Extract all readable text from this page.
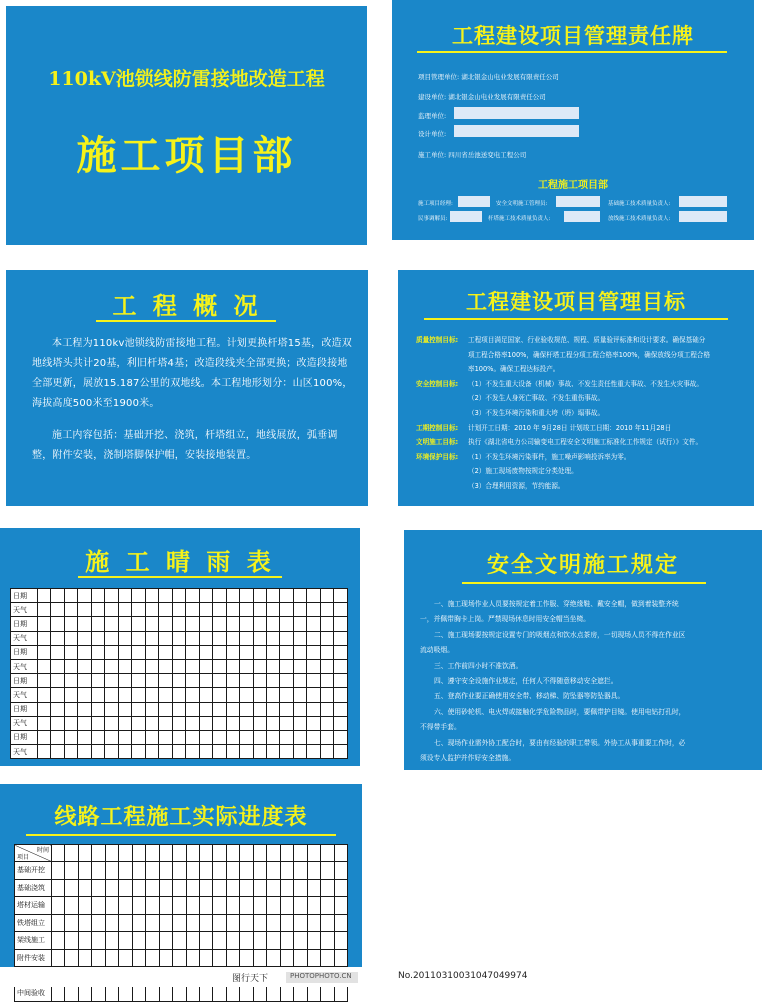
110kV池锁线防雷接地改造工程
施工项目部
工程建设项目管理责任牌
项目管理单位: 湖北银金山电业发展有限责任公司
建设单位: 湖北银金山电业发展有限责任公司
监理单位:
设计单位:
施工单位: 四川省岳池送变电工程公司
工程施工项目部
施工项目经理:	安全文明施工管理员:	基础施工技术质量负责人:
民事调解员:	杆塔施工技术质量负责人:	放线施工技术质量负责人:
工 程 概 况
本工程为110kv池锁线防雷接地工程。计划更换杆塔15基，改造双地线塔头共计20基，利旧杆塔4基；改造段线夹全部更换；改造段接地全部更新，展放15.187公里的双地线。本工程地形划分：山区100%，海拔高度500米至1900米。
施工内容包括：基础开挖、浇筑，杆塔组立，地线展放，弧垂调整，附件安装，浇制塔脚保护帽，安装接地装置。
工程建设项目管理目标
质量控制目标: 工程项目满足国家、行业验收规范、规程、质量验评标准和设计要求。确保基础分
项工程合格率100%，确保杆塔工程分项工程合格率100%，确保放线分项工程合格
率100%。确保工程达标投产。
安全控制目标: （1）不发生重大设备（机械）事故、不发生责任性重大事故、不发生火灾事故。
（2）不发生人身死亡事故、不发生重伤事故。
（3）不发生环境污染和重大垮（坍）塌事故。
工期控制目标: 计划开工日期：2010 年 9月28日 计划竣工日期：2010 年11月28日
文明施工目标: 执行《湖北省电力公司输变电工程安全文明施工标准化工作规定（试行）》文件。
环境保护目标: （1）不发生环境污染事件，施工噪声影响投诉率为零。
（2）施工现场废物按规定分类处理。
（3）合理利用资源，节约能源。
施 工 晴 雨 表
日期																							
天气																							
日期																							
天气																							
日期																							
天气																							
日期																							
天气																							
日期																							
天气																							
日期																							
天气																							
安全文明施工规定
一、施工现场作业人员要按规定着工作服、穿绝缘鞋、戴安全帽，做到着装整齐统
一，并佩带胸卡上岗。严禁现场休息时用安全帽当坐椅。
二、施工现场要按规定设置专门的吸烟点和饮水点茶房，一切现场人员不得在作业区
流动吸烟。
三、工作前四小时不准饮酒。
四、遵守安全设施作业规定，任何人不得随意移动安全遮拦。
五、登高作业要正确使用安全带、移动梯、防坠器等防坠器具。
六、使用砂轮机、电火焊或接触化学危险物品时，要佩带护目镜。使用电钻打孔时，
不得带手套。
七、现场作业需外协工配合时，要由有经验的职工带领。外协工从事重要工作时，必
须设专人监护并作好安全措施。
线路工程施工实际进度表
时间
项目																						

基础开挖																						
基础浇筑																						
塔材运输																						
铁塔组立																						
架线施工																						
附件安装																						

中间验收																						
图行天下	PHOTOPHOTO.CN	No.20110310031047049974
